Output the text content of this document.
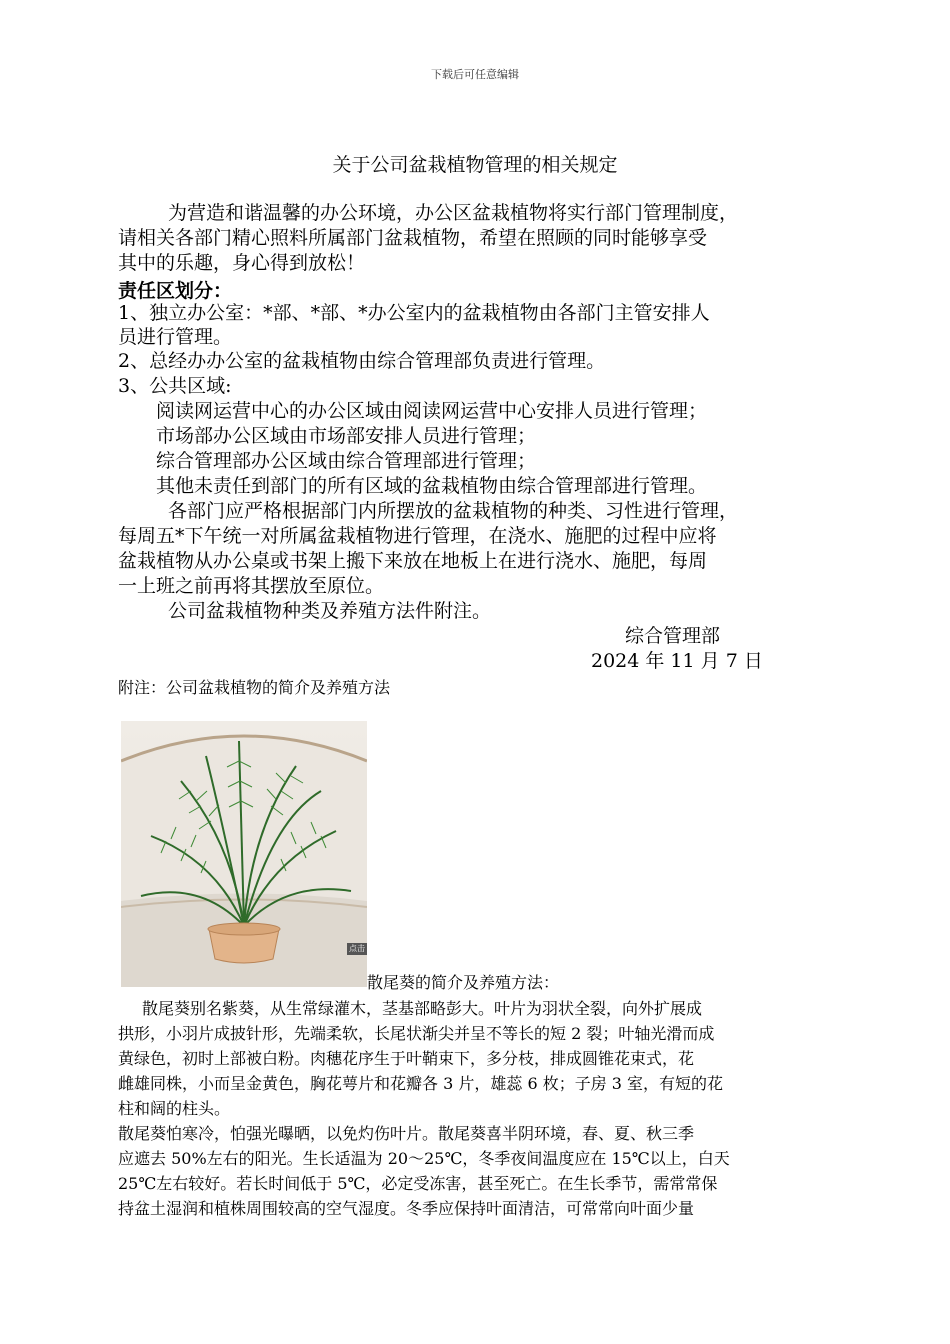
下载后可任意编辑
关于公司盆栽植物管理的相关规定
为营造和谐温馨的办公环境，办公区盆栽植物将实行部门管理制度，
请相关各部门精心照料所属部门盆栽植物，希望在照顾的同时能够享受
其中的乐趣，身心得到放松！
责任区划分：
1、独立办公室：*部、*部、*办公室内的盆栽植物由各部门主管安排人
员进行管理。
2、总经办办公室的盆栽植物由综合管理部负责进行管理。
3、公共区域:
阅读网运营中心的办公区域由阅读网运营中心安排人员进行管理；
市场部办公区域由市场部安排人员进行管理；
综合管理部办公区域由综合管理部进行管理；
其他未责任到部门的所有区域的盆栽植物由综合管理部进行管理。
各部门应严格根据部门内所摆放的盆栽植物的种类、习性进行管理，
每周五*下午统一对所属盆栽植物进行管理，在浇水、施肥的过程中应将
盆栽植物从办公桌或书架上搬下来放在地板上在进行浇水、施肥，每周
一上班之前再将其摆放至原位。
公司盆栽植物种类及养殖方法件附注。
综合管理部
2024 年 11 月 7 日
附注：公司盆栽植物的简介及养殖方法
点击
散尾葵的简介及养殖方法：
散尾葵别名紫葵，从生常绿灌木，茎基部略彭大。叶片为羽状全裂，向外扩展成
拱形，小羽片成披针形，先端柔软，长尾状渐尖并呈不等长的短 2 裂；叶轴光滑而成
黄绿色，初时上部被白粉。肉穗花序生于叶鞘束下，多分枝，排成圆锥花束式，花
雌雄同株，小而呈金黄色，胸花萼片和花瓣各 3 片，雄蕊 6 枚；子房 3 室，有短的花
柱和阔的柱头。
散尾葵怕寒冷，怕强光曝晒，以免灼伤叶片。散尾葵喜半阴环境，春、夏、秋三季
应遮去 50%左右的阳光。生长适温为 20～25℃，冬季夜间温度应在 15℃以上，白天
25℃左右较好。若长时间低于 5℃，必定受冻害，甚至死亡。在生长季节，需常常保
持盆土湿润和植株周围较高的空气湿度。冬季应保持叶面清洁，可常常向叶面少量
